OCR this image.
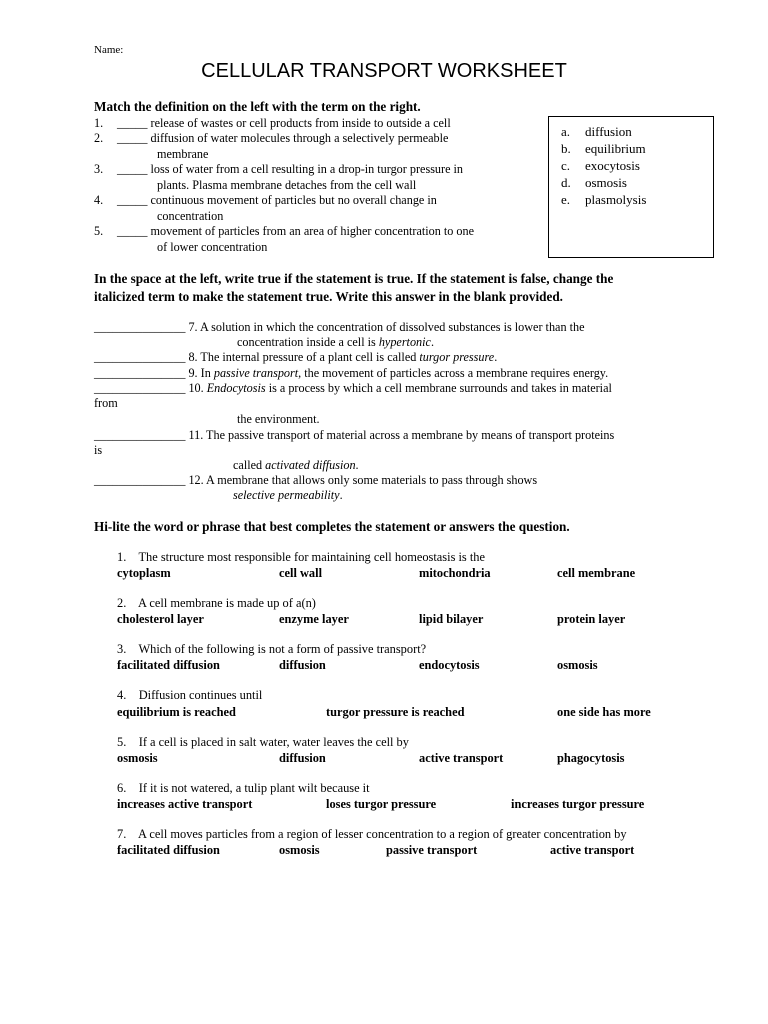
Name:
CELLULAR TRANSPORT WORKSHEET
Match the definition on the left with the term on the right.
1. _____ release of wastes or cell products from inside to outside a cell
2. _____ diffusion of water molecules through a selectively permeable
membrane
3. _____ loss of water from a cell resulting in a drop-in turgor pressure in
plants. Plasma membrane detaches from the cell wall
4. _____ continuous movement of particles but no overall change in
concentration
5. _____ movement of particles from an area of higher concentration to one
of lower concentration
a. diffusion
b. equilibrium
c. exocytosis
d. osmosis
e. plasmolysis
In the space at the left, write true if the statement is true. If the statement is false, change the
italicized term to make the statement true. Write this answer in the blank provided.
_______________ 7. A solution in which the concentration of dissolved substances is lower than the
concentration inside a cell is hypertonic.
_______________ 8. The internal pressure of a plant cell is called turgor pressure.
_______________ 9. In passive transport, the movement of particles across a membrane requires energy.
_______________ 10. Endocytosis is a process by which a cell membrane surrounds and takes in material
from
the environment.
_______________ 11. The passive transport of material across a membrane by means of transport proteins
is
called activated diffusion.
_______________ 12. A membrane that allows only some materials to pass through shows
selective permeability.
Hi-lite the word or phrase that best completes the statement or answers the question.
1. The structure most responsible for maintaining cell homeostasis is the
cytoplasm	cell wall	mitochondria	cell membrane
2. A cell membrane is made up of a(n)
cholesterol layer	enzyme layer	lipid bilayer	protein layer
3. Which of the following is not a form of passive transport?
facilitated diffusion	diffusion	endocytosis	osmosis
4. Diffusion continues until
equilibrium is reached	turgor pressure is reached	one side has more
5. If a cell is placed in salt water, water leaves the cell by
osmosis	diffusion	active transport	phagocytosis
6. If it is not watered, a tulip plant wilt because it
increases active transport	loses turgor pressure	increases turgor pressure
7. A cell moves particles from a region of lesser concentration to a region of greater concentration by
facilitated diffusion	osmosis	passive transport	active transport
